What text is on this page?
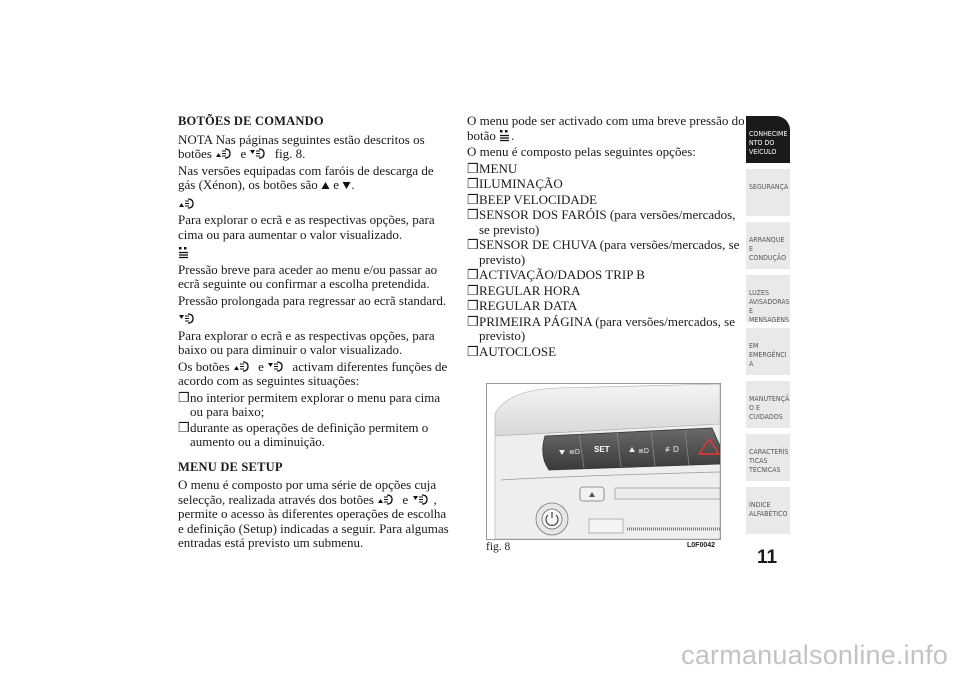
BOTÕES DE COMANDO

NOTA Nas páginas seguintes estão descritos os botões e fig. 8.

Nas versões equipadas com faróis de descarga de gás (Xénon), os botões são e .

Para explorar o ecrã e as respectivas opções, para cima ou para aumentar o valor visualizado.

Pressão breve para aceder ao menu e/ou passar ao ecrã seguinte ou confirmar a escolha pretendida.

Pressão prolongada para regressar ao ecrã standard.

Para explorar o ecrã e as respectivas opções, para baixo ou para diminuir o valor visualizado.

Os botões e activam diferentes funções de acordo com as seguintes situações:

❒no interior permitem explorar o menu para cima ou para baixo;

❒durante as operações de definição permitem o aumento ou a diminuição.

MENU DE SETUP

O menu é composto por uma série de opções cuja selecção, realizada através dos botões e , permite o acesso às diferentes operações de escolha e definição (Setup) indicadas a seguir. Para algumas entradas está previsto um submenu.

O menu pode ser activado com uma breve pressão do botão .

O menu é composto pelas seguintes opções:

❒MENU

❒ILUMINAÇÃO

❒BEEP VELOCIDADE

❒SENSOR DOS FARÓIS (para versões/mercados, se previsto)

❒SENSOR DE CHUVA (para versões/mercados, se previsto)

❒ACTIVAÇÃO/DADOS TRIP B

❒REGULAR HORA

❒REGULAR DATA

❒PRIMEIRA PÁGINA (para versões/mercados, se previsto)

❒AUTOCLOSE

≣D SET	≣D ≢D
fig. 8	L0F0042
CONHECIMENTO DO VEÍCULO
SEGURANÇA
ARRANQUE E CONDUÇÃO
LUZES AVISADORAS E MENSAGENS
EM EMERGÊNCIA
MANUTENÇÃO E CUIDADOS
CARACTERÍSTICAS TÉCNICAS
ÍNDICE ALFABÉTICO
11
carmanualsonline.info
